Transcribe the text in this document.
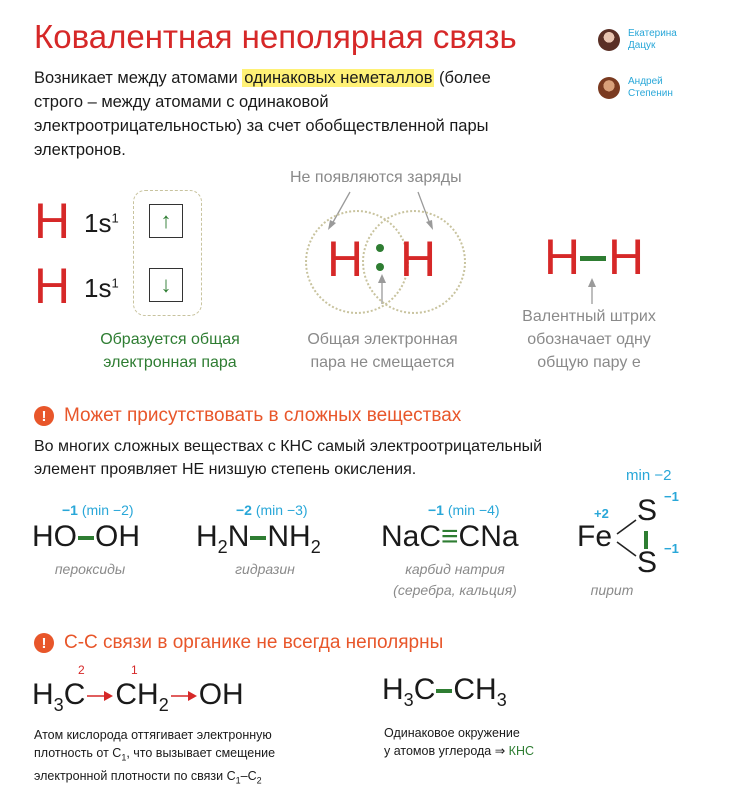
Ковалентная неполярная связь
Возникает между атомами одинаковых неметаллов (более строго – между атомами с одинаковой электроотрицательностью) за счет обобществленной пары электронов.
Екатерина
Дацук
Андрей
Степенин
H $1s^1$
H $1s^1$
↑
↓
Образуется общая электронная пара
Не появляются заряды
H H
Общая электронная пара не смещается
H H
Валентный штрих обозначает одну общую пару е
! Может присутствовать в сложных веществах
Во многих сложных веществах с КНС самый электроотрицательный элемент проявляет НЕ низшую степень окисления.
−1 (min −2)
HO OH
пероксиды
−2 (min −3)
$H_2N$ $NH_2$
гидразин
−1 (min −4)
NaC≡CNa
карбид натрия
(серебра, кальция)
min −2
+2
Fe
S −1
S −1
пирит
! С-С связи в органике не всегда неполярны
2	1
$H_3C$ $CH_2$ OH
Атом кислорода оттягивает электронную
плотность от $С_1$, что вызывает смещение
электронной плотности по связи $С_1-С_2$
$H_3C$ $CH_3$
Одинаковое окружение
у атомов углерода ⇒ КНС
